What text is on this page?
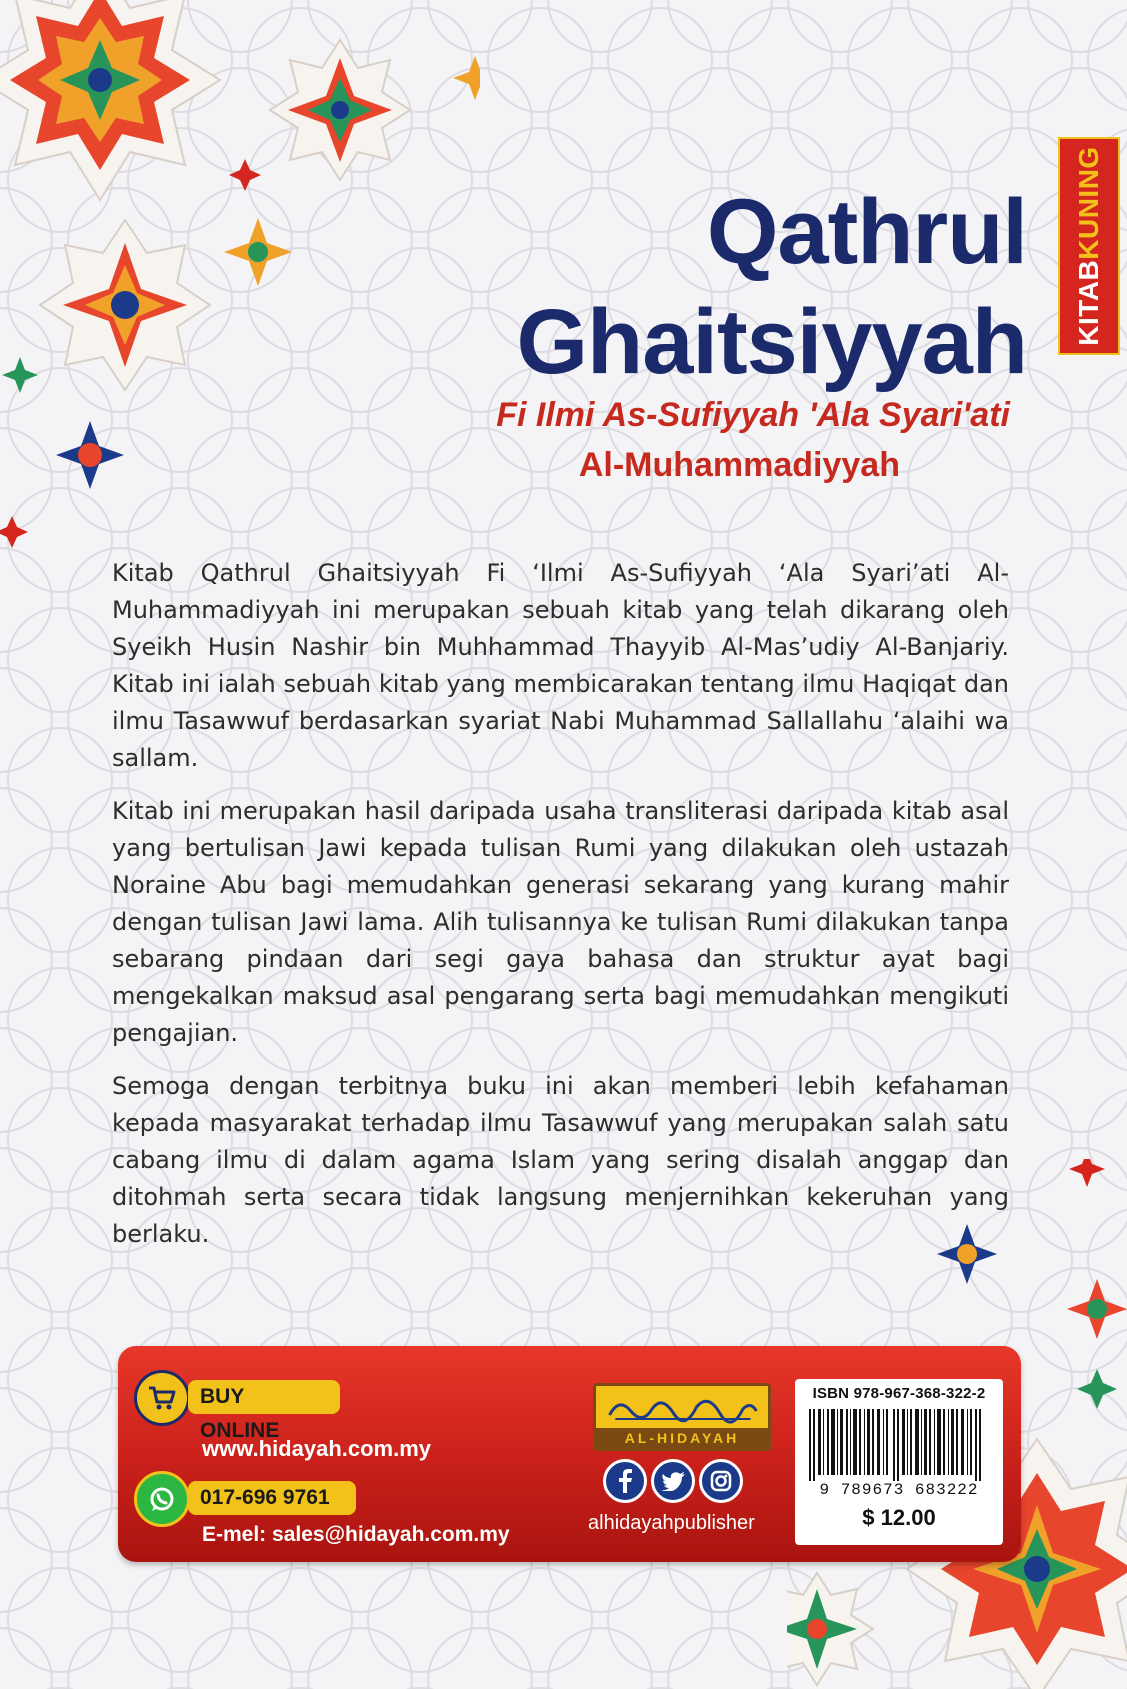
KITABKUNING
Qathrul
Ghaitsiyyah
Fi Ilmi As-Sufiyyah 'Ala Syari'ati
Al-Muhammadiyyah

Kitab Qathrul Ghaitsiyyah Fi ‘Ilmi As-Sufiyyah ‘Ala Syari’ati Al-Muhammadiyyah ini merupakan sebuah kitab yang telah dikarang oleh Syeikh Husin Nashir bin Muhhammad Thayyib Al-Mas’udiy Al-Banjariy. Kitab ini ialah sebuah kitab yang membicarakan tentang ilmu Haqiqat dan ilmu Tasawwuf berdasarkan syariat Nabi Muhammad Sallallahu ‘alaihi wa sallam.

Kitab ini merupakan hasil daripada usaha transliterasi daripada kitab asal yang bertulisan Jawi kepada tulisan Rumi yang dilakukan oleh ustazah Noraine Abu bagi memudahkan generasi sekarang yang kurang mahir dengan tulisan Jawi lama. Alih tulisannya ke tulisan Rumi dilakukan tanpa sebarang pindaan dari segi gaya bahasa dan struktur ayat bagi mengekalkan maksud asal pengarang serta bagi memudahkan mengikuti pengajian.

Semoga dengan terbitnya buku ini akan memberi lebih kefahaman kepada masyarakat terhadap ilmu Tasawwuf yang merupakan salah satu cabang ilmu di dalam agama Islam yang sering disalah anggap dan ditohmah serta secara tidak langsung menjernihkan kekeruhan yang berlaku.

BUY ONLINE
www.hidayah.com.my
017-696 9761
E-mel: sales@hidayah.com.my
AL-HIDAYAH
alhidayahpublisher
ISBN 978-967-368-322-2
9 789673 683222
$ 12.00
